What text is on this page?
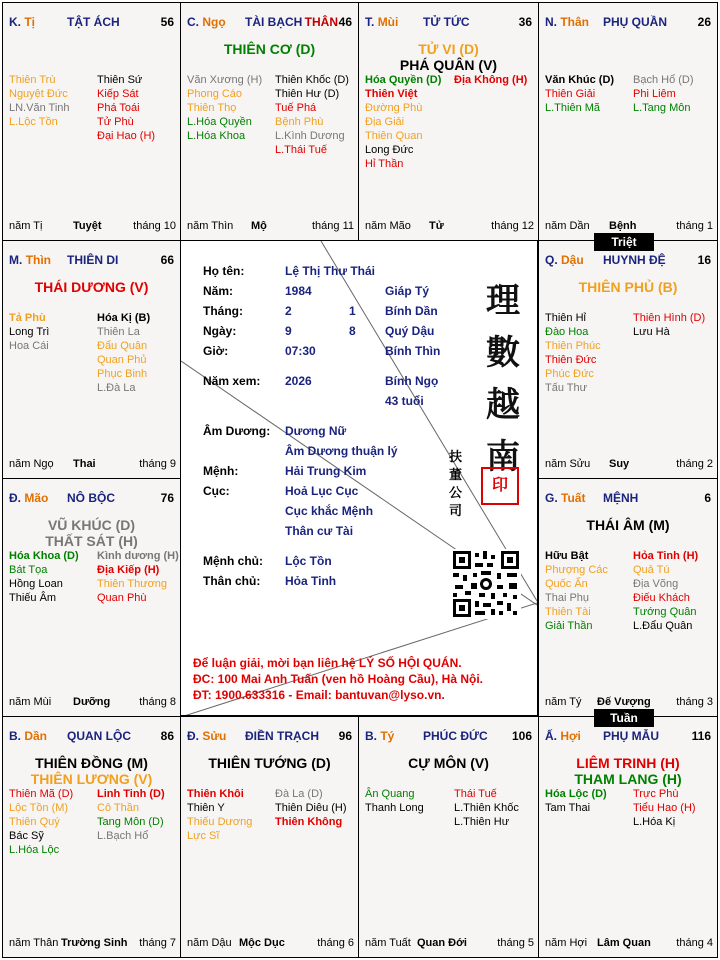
K. Tị	TẬT ÁCH	56
Thiên Trù
Nguyệt Đức
LN.Văn Tinh
L.Lộc Tồn
Thiên Sứ
Kiếp Sát
Phá Toái
Tử Phù
Đại Hao (H)
năm Tị	Tuyệt	tháng 10
C. Ngọ TÀI BẠCH THÂN 46
THIÊN CƠ (D)
Văn Xương (H)
Phong Cáo
Thiên Thọ
L.Hóa Quyền
L.Hóa Khoa
Thiên Khốc (D)
Thiên Hư (D)
Tuế Phá
Bệnh Phù
L.Kình Dương
L.Thái Tuế
năm Thìn Mộ	tháng 11
T. Mùi TỬ TỨC	36
TỬ VI (D)
PHÁ QUÂN (V)
Hóa Quyền (D)
Thiên Việt
Đường Phù
Địa Giải
Thiên Quan
Long Đức
Hỉ Thần
Địa Không (H)
năm Mão Tử	tháng 12
N. Thân PHỤ QUẦN	26
Văn Khúc (D)
Thiên Giải
L.Thiên Mã
Bạch Hổ (D)
Phi Liêm
L.Tang Môn
năm Dần Bệnh	tháng 1
M. Thìn THIÊN DI	66
THÁI DƯƠNG (V)
Tả Phù
Long Trì
Hoa Cái
Hóa Kị (B)
Thiên La
Đẩu Quân
Quan Phủ
Phục Binh
L.Đà La
năm Ngọ Thai	tháng 9
Q. Dậu HUYNH ĐỆ	16
THIÊN PHỦ (B)
Thiên Hỉ
Đào Hoa
Thiên Phúc
Thiên Đức
Phúc Đức
Tấu Thư
Thiên Hình (D)
Lưu Hà
năm Sửu Suy	tháng 2
Đ. Mão NÔ BỘC	76
VŨ KHÚC (D)
THẤT SÁT (H)
Hóa Khoa (D)
Bát Tọa
Hồng Loan
Thiếu Âm
Kình dương (H)
Địa Kiếp (H)
Thiên Thương
Quan Phù
năm Mùi Dưỡng	tháng 8
G. Tuất MỆNH	6
THÁI ÂM (M)
Hữu Bật
Phượng Các
Quốc Ấn
Thai Phụ
Thiên Tài
Giải Thần
Hỏa Tinh (H)
Quả Tú
Địa Võng
Điếu Khách
Tướng Quân
L.Đẩu Quân
năm Tý Đế Vượng tháng 3
B. Dần QUAN LỘC 86
THIÊN ĐỒNG (M)
THIÊN LƯƠNG (V)
Thiên Mã (D)
Lộc Tồn (M)
Thiên Quý
Bác Sỹ
L.Hóa Lộc
Linh Tinh (D)
Cô Thần
Tang Môn (D)
L.Bạch Hổ
năm Thân Trường Sinh tháng 7
Đ. Sửu ĐIỀN TRẠCH 96
THIÊN TƯỚNG (D)
Thiên Khôi
Thiên Y
Thiếu Dương
Lực Sĩ
Đà La (D)
Thiên Diêu (H)
Thiên Không
năm Dậu Mộc Dục	tháng 6
B. Tý PHÚC ĐỨC 106
CỰ MÔN (V)
Ân Quang
Thanh Long
Thái Tuế
L.Thiên Khốc
L.Thiên Hư
năm Tuất Quan Đới	tháng 5
Ấ. Hợi PHỤ MẪU	116
LIÊM TRINH (H)
THAM LANG (H)
Hóa Lộc (D)
Tam Thai
Trực Phù
Tiểu Hao (H)
L.Hóa Kị
năm Hợi Lâm Quan tháng 4
Họ tên:	Lệ Thị Thư Thái
Năm:	1984	Giáp Tý
Tháng:	2	1 Bính Dần
Ngày:	9	8 Quý Dậu
Giờ:	07:30	Bính Thìn
Năm xem: 2026	Bính Ngọ
43 tuổi
Âm Dương: Dương Nữ
Âm Dương thuận lý
Mệnh:	Hải Trung Kim
Cục:	Hoả Lục Cục
Cục khắc Mệnh
Thân cư Tài
Mệnh chủ: Lộc Tồn
Thân chủ: Hỏa Tinh
理
數
越
南
扶董公司
印
Để luận giải, mời bạn liên hệ LÝ SỐ HỘI QUÁN.
ĐC: 100 Mai Anh Tuấn (ven hồ Hoàng Cầu), Hà Nội.
ĐT: 1900.633316 - Email: bantuvan@lyso.vn.
Triệt
Tuần
